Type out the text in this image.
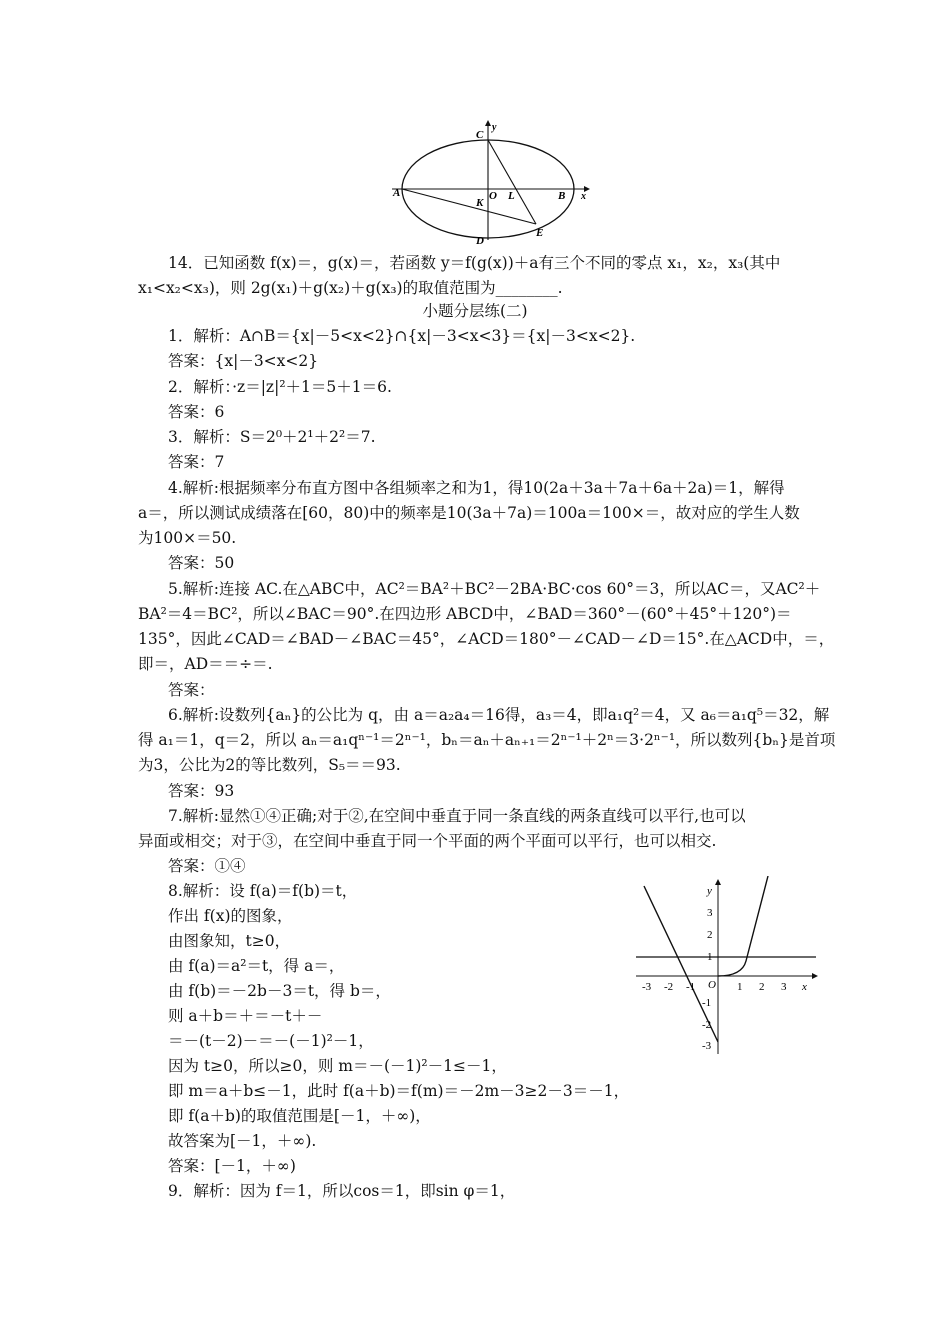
C
y
A	O L	B x
K
D
E
y
x
3
2
1
-1
-2
-3
-3 -2 -1 O 1 2 3
14．已知函数 f(x)＝，g(x)＝，若函数 y＝f(g(x))＋a有三个不同的零点 x₁，x₂，x₃(其中
x₁<x₂<x₃)，则 2g(x₁)＋g(x₂)＋g(x₃)的取值范围为________.
小题分层练(二)
1．解析：A∩B＝{x|－5<x<2}∩{x|－3<x<3}＝{x|－3<x<2}.
答案：{x|－3<x<2}
2．解析：·z＝|z|²＋1＝5＋1＝6.
答案：6
3．解析：S＝2⁰＋2¹＋2²＝7.
答案：7
4.解析:根据频率分布直方图中各组频率之和为1，得10(2a＋3a＋7a＋6a＋2a)＝1，解得
a＝，所以测试成绩落在[60，80)中的频率是10(3a＋7a)＝100a＝100×＝，故对应的学生人数
为100×＝50.
答案：50
5.解析:连接 AC.在△ABC中，AC²＝BA²＋BC²－2BA·BC·cos 60°＝3，所以AC＝，又AC²＋
BA²＝4＝BC²，所以∠BAC＝90°.在四边形 ABCD中，∠BAD＝360°－(60°＋45°＋120°)＝
135°，因此∠CAD＝∠BAD－∠BAC＝45°，∠ACD＝180°－∠CAD－∠D＝15°.在△ACD中，＝，
即＝，AD＝＝÷＝.
答案：
6.解析:设数列{aₙ}的公比为 q，由 a＝a₂a₄＝16得，a₃＝4，即a₁q²＝4，又 a₆＝a₁q⁵＝32，解
得 a₁＝1，q＝2，所以 aₙ＝a₁qⁿ⁻¹＝2ⁿ⁻¹，bₙ＝aₙ＋aₙ₊₁＝2ⁿ⁻¹＋2ⁿ＝3·2ⁿ⁻¹，所以数列{bₙ}是首项
为3，公比为2的等比数列，S₅＝＝93.
答案：93
7.解析:显然①④正确;对于②,在空间中垂直于同一条直线的两条直线可以平行,也可以
异面或相交；对于③，在空间中垂直于同一个平面的两个平面可以平行，也可以相交.
答案：①④
8.解析：设 f(a)＝f(b)＝t，
作出 f(x)的图象，
由图象知，t≥0，
由 f(a)＝a²＝t，得 a＝，
由 f(b)＝－2b－3＝t，得 b＝，
则 a＋b＝＋＝－t＋－
＝－(t－2)－＝－(－1)²－1，
因为 t≥0，所以≥0，则 m＝－(－1)²－1≤－1，
即 m＝a＋b≤－1，此时 f(a＋b)＝f(m)＝－2m－3≥2－3＝－1，
即 f(a＋b)的取值范围是[－1，＋∞)，
故答案为[－1，＋∞).
答案：[－1，＋∞)
9．解析：因为 f＝1，所以cos＝1，即sin φ＝1，
